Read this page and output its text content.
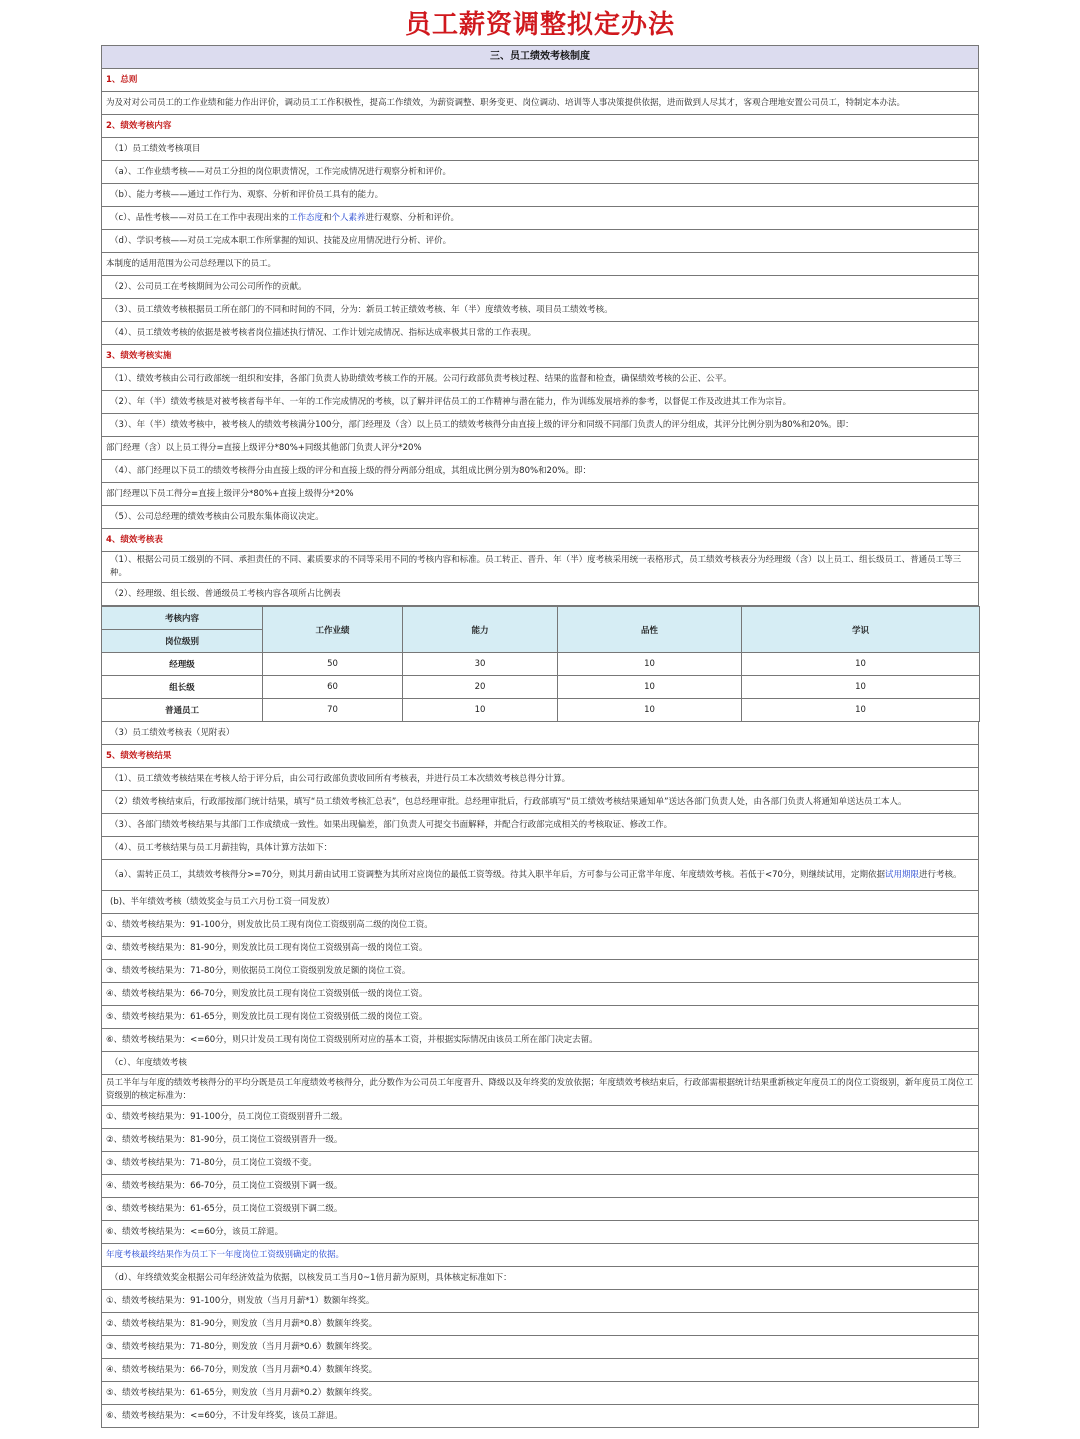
员工薪资调整拟定办法
三、员工绩效考核制度
1、总则
为及对对公司员工的工作业绩和能力作出评价，调动员工工作积极性，提高工作绩效，为薪资调整、职务变更、岗位调动、培训等人事决策提供依据，进而做到人尽其才，客观合理地安置公司员工，特制定本办法。
2、绩效考核内容
（1）员工绩效考核项目
（a）、工作业绩考核——对员工分担的岗位职责情况，工作完成情况进行观察分析和评价。
（b）、能力考核——通过工作行为、观察、分析和评价员工具有的能力。
（c）、品性考核——对员工在工作中表现出来的工作态度和个人素养进行观察、分析和评价。
（d）、学识考核——对员工完成本职工作所掌握的知识、技能及应用情况进行分析、评价。
本制度的适用范围为公司总经理以下的员工。
（2）、公司员工在考核期间为公司公司所作的贡献。
（3）、员工绩效考核根据员工所在部门的不同和时间的不同，分为：新员工转正绩效考核、年（半）度绩效考核、项目员工绩效考核。
（4）、员工绩效考核的依据是被考核者岗位描述执行情况、工作计划完成情况、指标达成率极其日常的工作表现。
3、绩效考核实施
（1）、绩效考核由公司行政部统一组织和安排，各部门负责人协助绩效考核工作的开展。公司行政部负责考核过程、结果的监督和检查，确保绩效考核的公正、公平。
（2）、年（半）绩效考核是对被考核者每半年、一年的工作完成情况的考核，以了解并评估员工的工作精神与潜在能力，作为训练发展培养的参考，以督促工作及改进其工作为宗旨。
（3）、年（半）绩效考核中，被考核人的绩效考核满分100分，部门经理及（含）以上员工的绩效考核得分由直接上级的评分和同级不同部门负责人的评分组成，其评分比例分别为80%和20%。即：
部门经理（含）以上员工得分=直接上级评分*80%+同级其他部门负责人评分*20%
（4）、部门经理以下员工的绩效考核得分由直接上级的评分和直接上级的得分两部分组成，其组成比例分别为80%和20%。即：
部门经理以下员工得分=直接上级评分*80%+直接上级得分*20%
（5）、公司总经理的绩效考核由公司股东集体商议决定。
4、绩效考核表
（1）、根据公司员工级别的不同、承担责任的不同、素质要求的不同等采用不同的考核内容和标准。员工转正、晋升、年（半）度考核采用统一表格形式，员工绩效考核表分为经理级（含）以上员工、组长级员工、普通员工等三种。
（2）、经理级、组长级、普通级员工考核内容各项所占比例表
考核内容	工作业绩	能力	品性	学识
岗位级别				
经理级	50	30	10	10
组长级	60	20	10	10
普通员工	70	10	10	10
（3）员工绩效考核表（见附表）
5、绩效考核结果
（1）、员工绩效考核结果在考核人给于评分后，由公司行政部负责收回所有考核表，并进行员工本次绩效考核总得分计算。
（2）绩效考核结束后，行政部按部门统计结果，填写“员工绩效考核汇总表”，包总经理审批。总经理审批后，行政部填写“员工绩效考核结果通知单”送达各部门负责人处，由各部门负责人将通知单送达员工本人。
（3）、各部门绩效考核结果与其部门工作成绩成一致性。如果出现偏差，部门负责人可提交书面解释，并配合行政部完成相关的考核取证、修改工作。
（4）、员工考核结果与员工月薪挂钩，具体计算方法如下：
（a）、需转正员工，其绩效考核得分>=70分，则其月薪由试用工资调整为其所对应岗位的最低工资等级。待其入职半年后，方可参与公司正常半年度、年度绩效考核。若低于<70分，则继续试用，定期依据试用期限进行考核。
(b)、半年绩效考核（绩效奖金与员工六月份工资一同发放）
①、绩效考核结果为：91-100分，则发放比员工现有岗位工资级别高二级的岗位工资。
②、绩效考核结果为：81-90分，则发放比员工现有岗位工资级别高一级的岗位工资。
③、绩效考核结果为：71-80分，则依据员工岗位工资级别发放足额的岗位工资。
④、绩效考核结果为：66-70分，则发放比员工现有岗位工资级别低一级的岗位工资。
⑤、绩效考核结果为：61-65分，则发放比员工现有岗位工资级别低二级的岗位工资。
⑥、绩效考核结果为：<=60分，则只计发员工现有岗位工资级别所对应的基本工资，并根据实际情况由该员工所在部门决定去留。
（c）、年度绩效考核
员工半年与年度的绩效考核得分的平均分既是员工年度绩效考核得分，此分数作为公司员工年度晋升、降级以及年终奖的发放依据；年度绩效考核结束后，行政部需根据统计结果重新核定年度员工的岗位工资级别，新年度员工岗位工资级别的核定标准为：
①、绩效考核结果为：91-100分，员工岗位工资级别晋升二级。
②、绩效考核结果为：81-90分，员工岗位工资级别晋升一级。
③、绩效考核结果为：71-80分，员工岗位工资级不变。
④、绩效考核结果为：66-70分，员工岗位工资级别下调一级。
⑤、绩效考核结果为：61-65分，员工岗位工资级别下调二级。
⑥、绩效考核结果为：<=60分，该员工辞退。
年度考核最终结果作为员工下一年度岗位工资级别确定的依据。
（d）、年终绩效奖金根据公司年经济效益为依据，以核发员工当月0~1倍月薪为原则，具体核定标准如下：
①、绩效考核结果为：91-100分，则发放（当月月薪*1）数额年终奖。
②、绩效考核结果为：81-90分，则发放（当月月薪*0.8）数额年终奖。
③、绩效考核结果为：71-80分，则发放（当月月薪*0.6）数额年终奖。
④、绩效考核结果为：66-70分，则发放（当月月薪*0.4）数额年终奖。
⑤、绩效考核结果为：61-65分，则发放（当月月薪*0.2）数额年终奖。
⑥、绩效考核结果为：<=60分，不计发年终奖，该员工辞退。
